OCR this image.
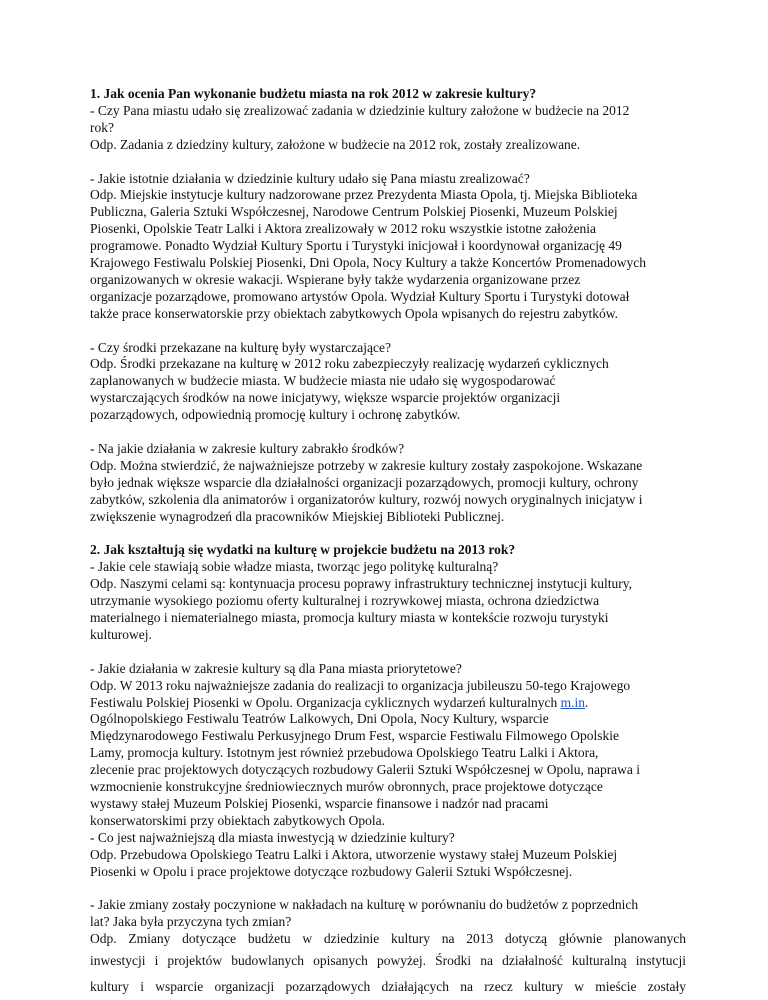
1. Jak ocenia Pan wykonanie budżetu miasta na rok 2012 w zakresie kultury?
- Czy Pana miastu udało się zrealizować zadania w dziedzinie kultury założone w budżecie na 2012
rok?
Odp. Zadania z dziedziny kultury, założone w budżecie na 2012 rok, zostały zrealizowane.
- Jakie istotnie działania w dziedzinie kultury udało się Pana miastu zrealizować?
Odp. Miejskie instytucje kultury nadzorowane przez Prezydenta Miasta Opola, tj. Miejska Biblioteka
Publiczna, Galeria Sztuki Współczesnej, Narodowe Centrum Polskiej Piosenki, Muzeum Polskiej
Piosenki, Opolskie Teatr Lalki i Aktora zrealizowały w 2012 roku wszystkie istotne założenia
programowe. Ponadto Wydział Kultury Sportu i Turystyki inicjował i koordynował organizację 49
Krajowego Festiwalu Polskiej Piosenki, Dni Opola, Nocy Kultury a także Koncertów Promenadowych
organizowanych w okresie wakacji. Wspierane były także wydarzenia organizowane przez
organizacje pozarządowe, promowano artystów Opola. Wydział Kultury Sportu i Turystyki dotował
także prace konserwatorskie przy obiektach zabytkowych Opola wpisanych do rejestru zabytków.
- Czy środki przekazane na kulturę były wystarczające?
Odp. Środki przekazane na kulturę w 2012 roku zabezpieczyły realizację wydarzeń cyklicznych
zaplanowanych w budżecie miasta. W budżecie miasta nie udało się wygospodarować
wystarczających środków na nowe inicjatywy, większe wsparcie projektów organizacji
pozarządowych, odpowiednią promocję kultury i ochronę zabytków.
- Na jakie działania w zakresie kultury zabrakło środków?
Odp. Można stwierdzić, że najważniejsze potrzeby w zakresie kultury zostały zaspokojone. Wskazane
było jednak większe wsparcie dla działalności organizacji pozarządowych, promocji kultury, ochrony
zabytków, szkolenia dla animatorów i organizatorów kultury, rozwój nowych oryginalnych inicjatyw i
zwiększenie wynagrodzeń dla pracowników Miejskiej Biblioteki Publicznej.
2. Jak kształtują się wydatki na kulturę w projekcie budżetu na 2013 rok?
- Jakie cele stawiają sobie władze miasta, tworząc jego politykę kulturalną?
Odp. Naszymi celami są: kontynuacja procesu poprawy infrastruktury technicznej instytucji kultury,
utrzymanie wysokiego poziomu oferty kulturalnej i rozrywkowej miasta, ochrona dziedzictwa
materialnego i niematerialnego miasta, promocja kultury miasta w kontekście rozwoju turystyki
kulturowej.
- Jakie działania w zakresie kultury są dla Pana miasta priorytetowe?
Odp. W 2013 roku najważniejsze zadania do realizacji to organizacja jubileuszu 50-tego Krajowego
Festiwalu Polskiej Piosenki w Opolu. Organizacja cyklicznych wydarzeń kulturalnych m.in.
Ogólnopolskiego Festiwalu Teatrów Lalkowych, Dni Opola, Nocy Kultury, wsparcie
Międzynarodowego Festiwalu Perkusyjnego Drum Fest, wsparcie Festiwalu Filmowego Opolskie
Lamy, promocja kultury. Istotnym jest również przebudowa Opolskiego Teatru Lalki i Aktora,
zlecenie prac projektowych dotyczących rozbudowy Galerii Sztuki Współczesnej w Opolu, naprawa i
wzmocnienie konstrukcyjne średniowiecznych murów obronnych, prace projektowe dotyczące
wystawy stałej Muzeum Polskiej Piosenki, wsparcie finansowe i nadzór nad pracami
konserwatorskimi przy obiektach zabytkowych Opola.
- Co jest najważniejszą dla miasta inwestycją w dziedzinie kultury?
Odp. Przebudowa Opolskiego Teatru Lalki i Aktora, utworzenie wystawy stałej Muzeum Polskiej
Piosenki w Opolu i prace projektowe dotyczące rozbudowy Galerii Sztuki Współczesnej.
- Jakie zmiany zostały poczynione w nakładach na kulturę w porównaniu do budżetów z poprzednich
lat? Jaka była przyczyna tych zmian?
Odp. Zmiany dotyczące budżetu w dziedzinie kultury na 2013 dotyczą głównie planowanych
inwestycji i projektów budowlanych opisanych powyżej. Środki na działalność kulturalną instytucji
kultury i wsparcie organizacji pozarządowych działających na rzecz kultury w mieście zostały
